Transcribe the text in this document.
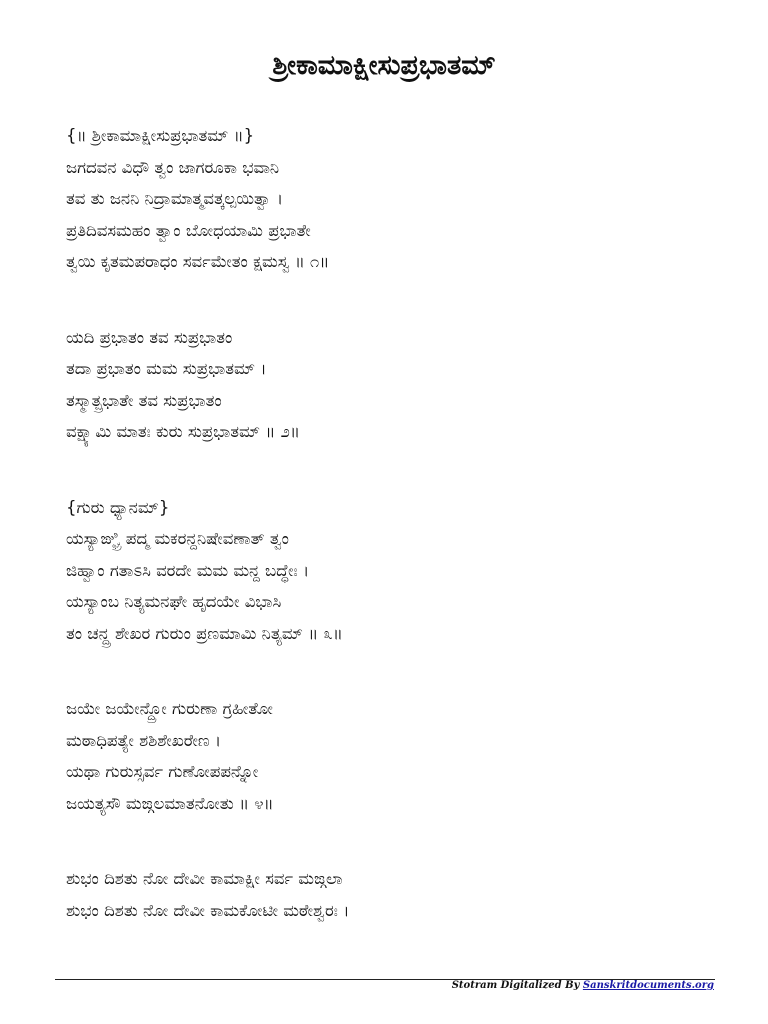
ಶ್ರೀಕಾಮಾಕ್ಷೀಸುಪ್ರಭಾತಮ್
{॥ ಶ್ರೀಕಾಮಾಕ್ಷೀಸುಪ್ರಭಾತಮ್ ॥}
ಜಗದವನ ವಿಧೌ ತ್ವಂ ಜಾಗರೂಕಾ ಭವಾನಿ
ತವ ತು ಜನನಿ ನಿದ್ರಾಮಾತ್ಮವತ್ಕಲ್ಪಯಿತ್ವಾ ।
ಪ್ರತಿದಿವಸಮಹಂ ತ್ವಾಂ ಬೋಧಯಾಮಿ ಪ್ರಭಾತೇ
ತ್ವಯಿ ಕೃತಮಪರಾಧಂ ಸರ್ವಮೇತಂ ಕ್ಷಮಸ್ವ ॥ ೧॥
ಯದಿ ಪ್ರಭಾತಂ ತವ ಸುಪ್ರಭಾತಂ
ತದಾ ಪ್ರಭಾತಂ ಮಮ ಸುಪ್ರಭಾತಮ್ ।
ತಸ್ಮಾತ್ಪ್ರಭಾತೇ ತವ ಸುಪ್ರಭಾತಂ
ವಕ್ಷ್ಯಾಮಿ ಮಾತಃ ಕುರು ಸುಪ್ರಭಾತಮ್ ॥ ೨॥
{ಗುರು ಧ್ಯಾನಮ್}
ಯಸ್ಯಾಙ್ಘ್ರಿ ಪದ್ಮ ಮಕರನ್ದನಿಷೇವಣಾತ್ ತ್ವಂ
ಜಿಹ್ವಾಂ ಗತಾಽಸಿ ವರದೇ ಮಮ ಮನ್ದ ಬದ್ಧೇಃ ।
ಯಸ್ಯಾಂಬ ನಿತ್ಯಮನಘೇ ಹೃದಯೇ ವಿಭಾಸಿ
ತಂ ಚನ್ದ್ರ ಶೇಖರ ಗುರುಂ ಪ್ರಣಮಾಮಿ ನಿತ್ಯಮ್ ॥ ೩॥
ಜಯೇ ಜಯೇನ್ದ್ರೋ ಗುರುಣಾ ಗ್ರಹೀತೋ
ಮಠಾಧಿಪತ್ಯೇ ಶಶಿಶೇಖರೇಣ ।
ಯಥಾ ಗುರುಸ್ಸರ್ವ ಗುಣೋಪಪನ್ನೋ
ಜಯತ್ಯಸೌ ಮಙ್ಗಲಮಾತನೋತು ॥ ೪॥
ಶುಭಂ ದಿಶತು ನೋ ದೇವೀ ಕಾಮಾಕ್ಷೀ ಸರ್ವ ಮಙ್ಗಲಾ
ಶುಭಂ ದಿಶತು ನೋ ದೇವೀ ಕಾಮಕೋಟೀ ಮಠೇಶ್ವರಃ ।
Stotram Digitalized By Sanskritdocuments.org
